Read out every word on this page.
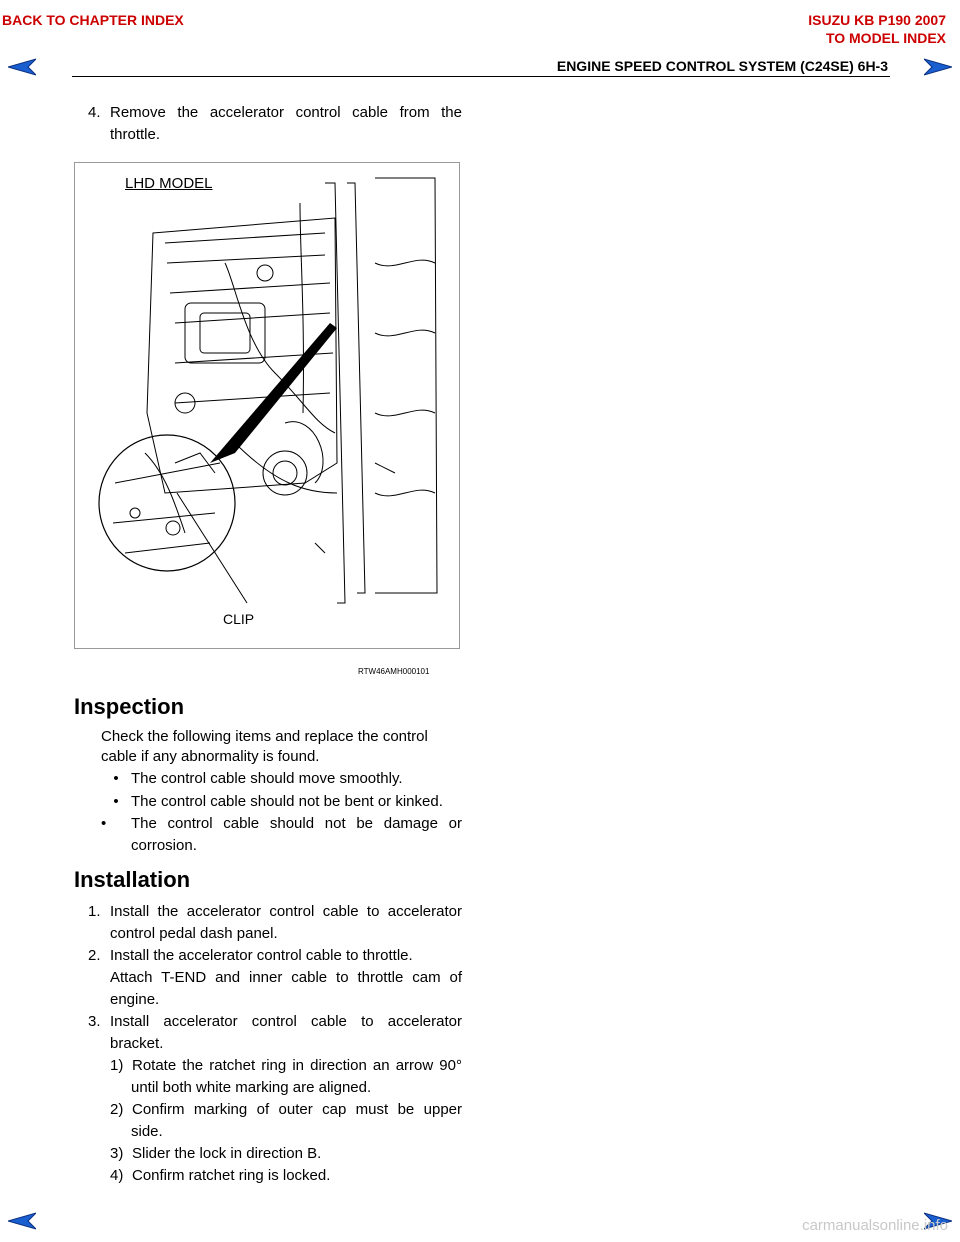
BACK TO CHAPTER INDEX	ISUZU KB P190 2007
TO MODEL INDEX
ENGINE SPEED CONTROL SYSTEM (C24SE) 6H-3
4. Remove the accelerator control cable from the
throttle.
LHD MODEL
CLIP
RTW46AMH000101
Inspection
Check the following items and replace the control
cable if any abnormality is found.
• The control cable should move smoothly.
• The control cable should not be bent or kinked.
• The control cable should not be damage or
corrosion.
Installation
1. Install the accelerator control cable to accelerator
control pedal dash panel.
2. Install the accelerator control cable to throttle.
Attach T-END and inner cable to throttle cam of
engine.
3. Install accelerator control cable to accelerator
bracket.
1) Rotate the ratchet ring in direction an arrow 90°
until both white marking are aligned.
2) Confirm marking of outer cap must be upper
side.
3) Slider the lock in direction B.
4) Confirm ratchet ring is locked.
carmanualsonline.info
